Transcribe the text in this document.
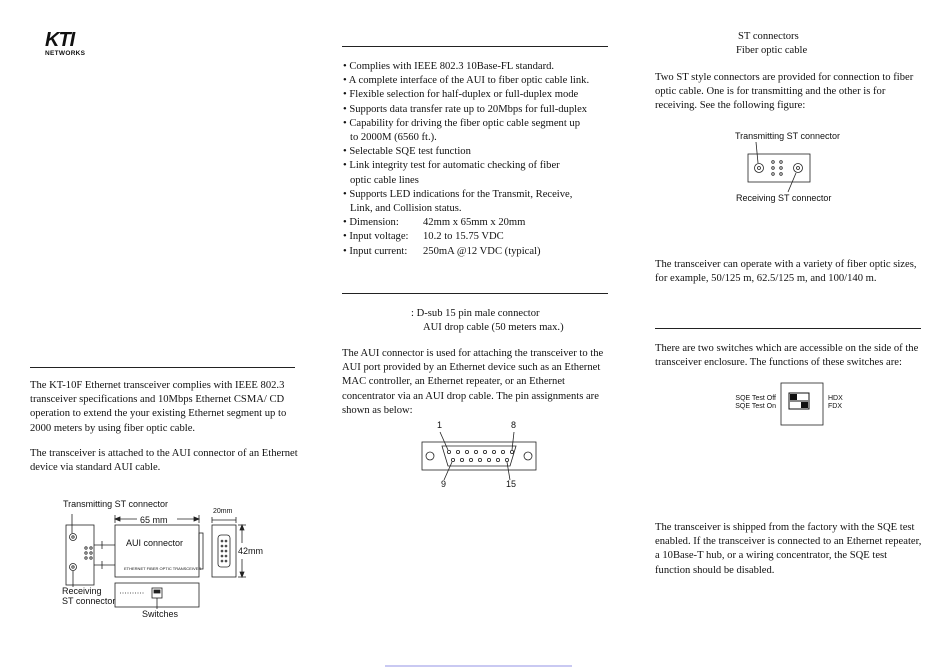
KTI
NETWORKS
The KT-10F Ethernet transceiver complies with IEEE 802.3 transceiver specifications and 10Mbps Ethernet CSMA/ CD operation to extend the your existing Ethernet segment up to 2000 meters by using fiber optic cable.
The transceiver is attached to the AUI connector of an Ethernet device via standard AUI cable.
Transmitting ST connector
65 mm
20mm
42mm
AUI connector
ETHERNET FIBER OPTIC TRANSCEIVER
Receiving
ST connector
Switches
• Complies with IEEE 802.3 10Base-FL standard.
• A complete interface of the AUI to fiber optic cable link.
• Flexible selection for half-duplex or full-duplex mode
• Supports data transfer rate up to 20Mbps for full-duplex
• Capability for driving the fiber optic cable segment up
to 2000M (6560 ft.).
• Selectable SQE test function
• Link integrity test for automatic checking of fiber
optic cable lines
• Supports LED indications for the Transmit, Receive,
Link, and Collision status.
• Dimension:	42mm x 65mm x 20mm
• Input voltage:	10.2 to 15.75 VDC
• Input current:	250mA @12 VDC (typical)
: D-sub 15 pin male connector
AUI drop cable (50 meters max.)
The AUI connector is used for attaching the transceiver to the AUI port provided by an Ethernet device such as an Ethernet MAC controller, an Ethernet repeater, or an Ethernet concentrator via an AUI drop cable. The pin assignments are shown as below:
1	8
9	15
ST connectors
Fiber optic cable
Two ST style connectors are provided for connection to fiber optic cable. One is for transmitting and the other is for receiving. See the following figure:
Transmitting ST connector
Receiving ST connector
The transceiver can operate with a variety of fiber optic sizes, for example, 50/125 m, 62.5/125 m, and 100/140 m.
There are two switches which are accessible on the side of the transceiver enclosure. The functions of these switches are:
SQE Test Off
SQE Test On
HDX
FDX
The transceiver is shipped from the factory with the SQE test enabled. If the transceiver is connected to an Ethernet repeater, a 10Base-T hub, or a wiring concentrator, the SQE test function should be disabled.
